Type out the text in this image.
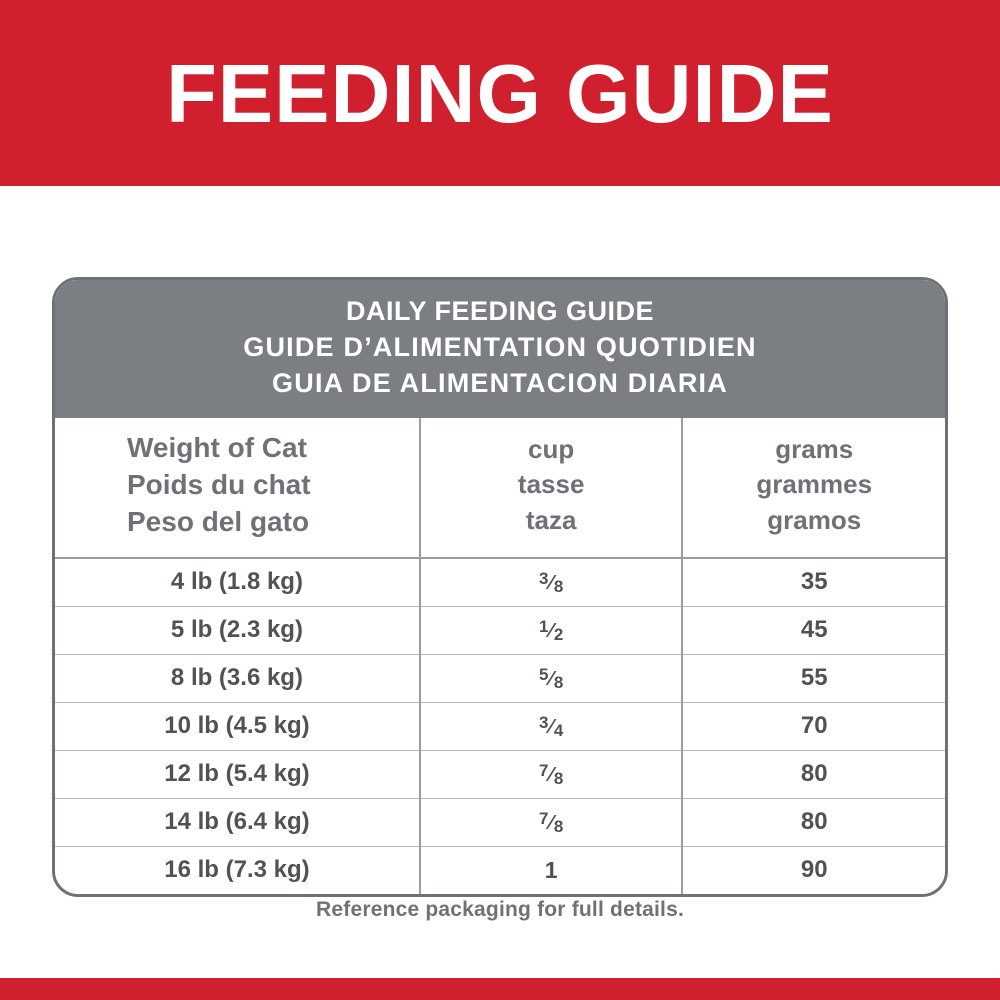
FEEDING GUIDE
DAILY FEEDING GUIDE
GUIDE D’ALIMENTATION QUOTIDIEN
GUIA DE ALIMENTACION DIARIA
Weight of Cat
Poids du chat
Peso del gato

cup
tasse
taza

grams
grammes
gramos

4 lb (1.8 kg)	$^3$⁄8	35
5 lb (2.3 kg)	$^1$⁄2	45
8 lb (3.6 kg)	$^5$⁄8	55
10 lb (4.5 kg)	$^3$⁄4	70
12 lb (5.4 kg)	$^7$⁄8	80
14 lb (6.4 kg)	$^7$⁄8	80
16 lb (7.3 kg)	1	90
Reference packaging for full details.
